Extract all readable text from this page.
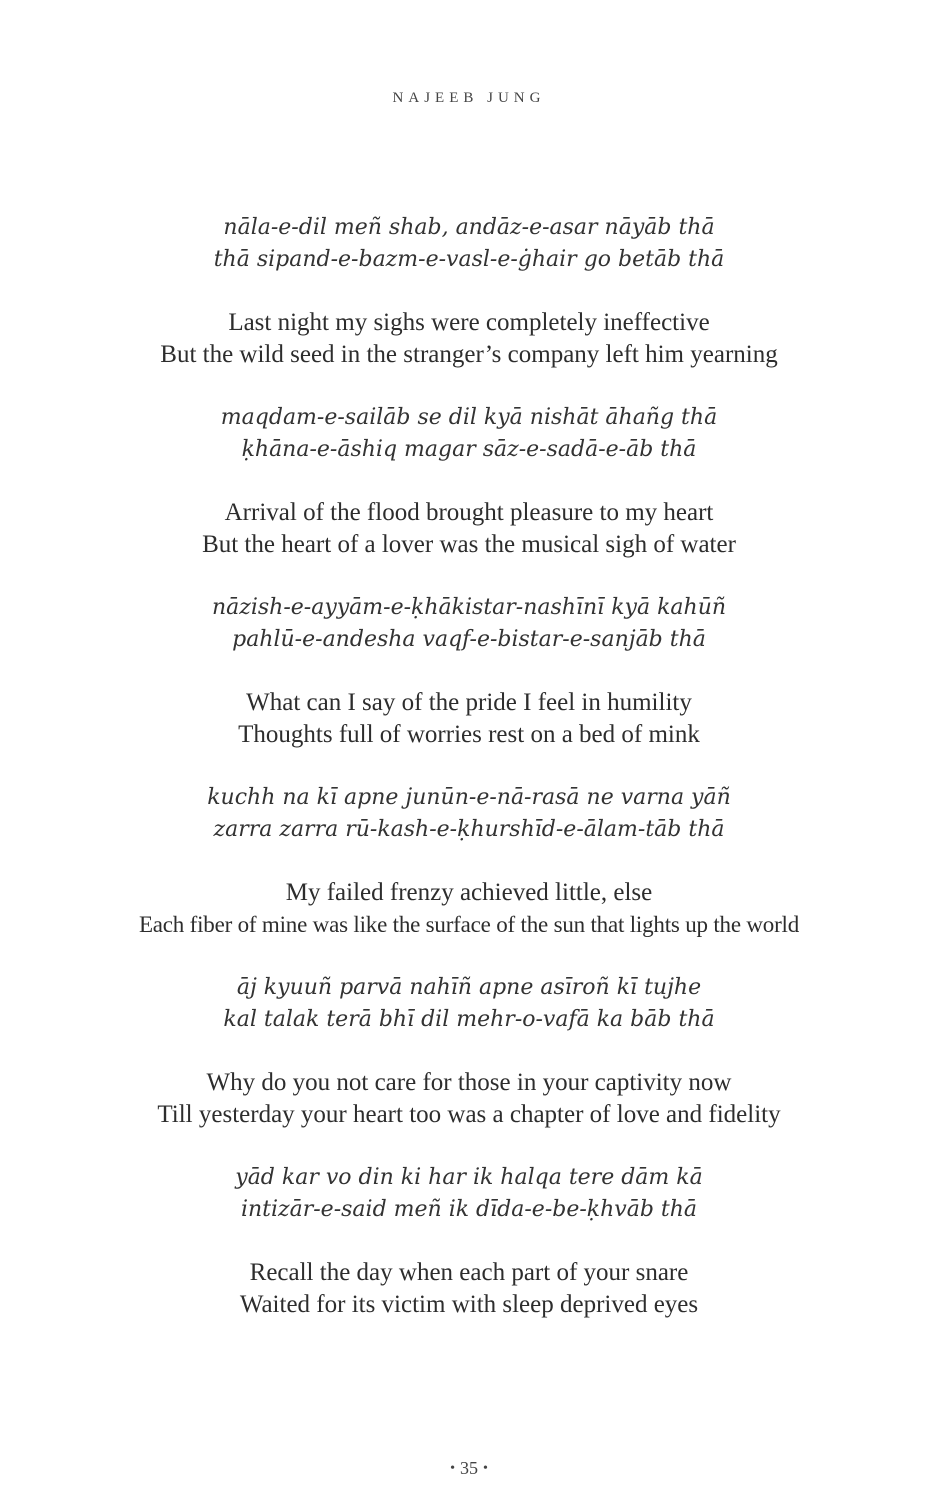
NAJEEB JUNG
nāla-e-dil meñ shab, andāz-e-asar nāyāb thā
thā sipand-e-bazm-e-vasl-e-ġhair go betāb thā
Last night my sighs were completely ineffective
But the wild seed in the stranger’s company left him yearning
maqdam-e-sailāb se dil kyā nishāt āhañg thā
ḳhāna-e-āshiq magar sāz-e-sadā-e-āb thā
Arrival of the flood brought pleasure to my heart
But the heart of a lover was the musical sigh of water
nāzish-e-ayyām-e-ḳhākistar-nashīnī kyā kahūñ
pahlū-e-andesha vaqf-e-bistar-e-sanjāb thā
What can I say of the pride I feel in humility
Thoughts full of worries rest on a bed of mink
kuchh na kī apne junūn-e-nā-rasā ne varna yāñ
zarra zarra rū-kash-e-ḳhurshīd-e-ālam-tāb thā
My failed frenzy achieved little, else
Each fiber of mine was like the surface of the sun that lights up the world
āj kyuuñ parvā nahīñ apne asīroñ kī tujhe
kal talak terā bhī dil mehr-o-vafā ka bāb thā
Why do you not care for those in your captivity now
Till yesterday your heart too was a chapter of love and fidelity
yād kar vo din ki har ik halqa tere dām kā
intizār-e-said meñ ik dīda-e-be-ḳhvāb thā
Recall the day when each part of your snare
Waited for its victim with sleep deprived eyes
• 35 •
